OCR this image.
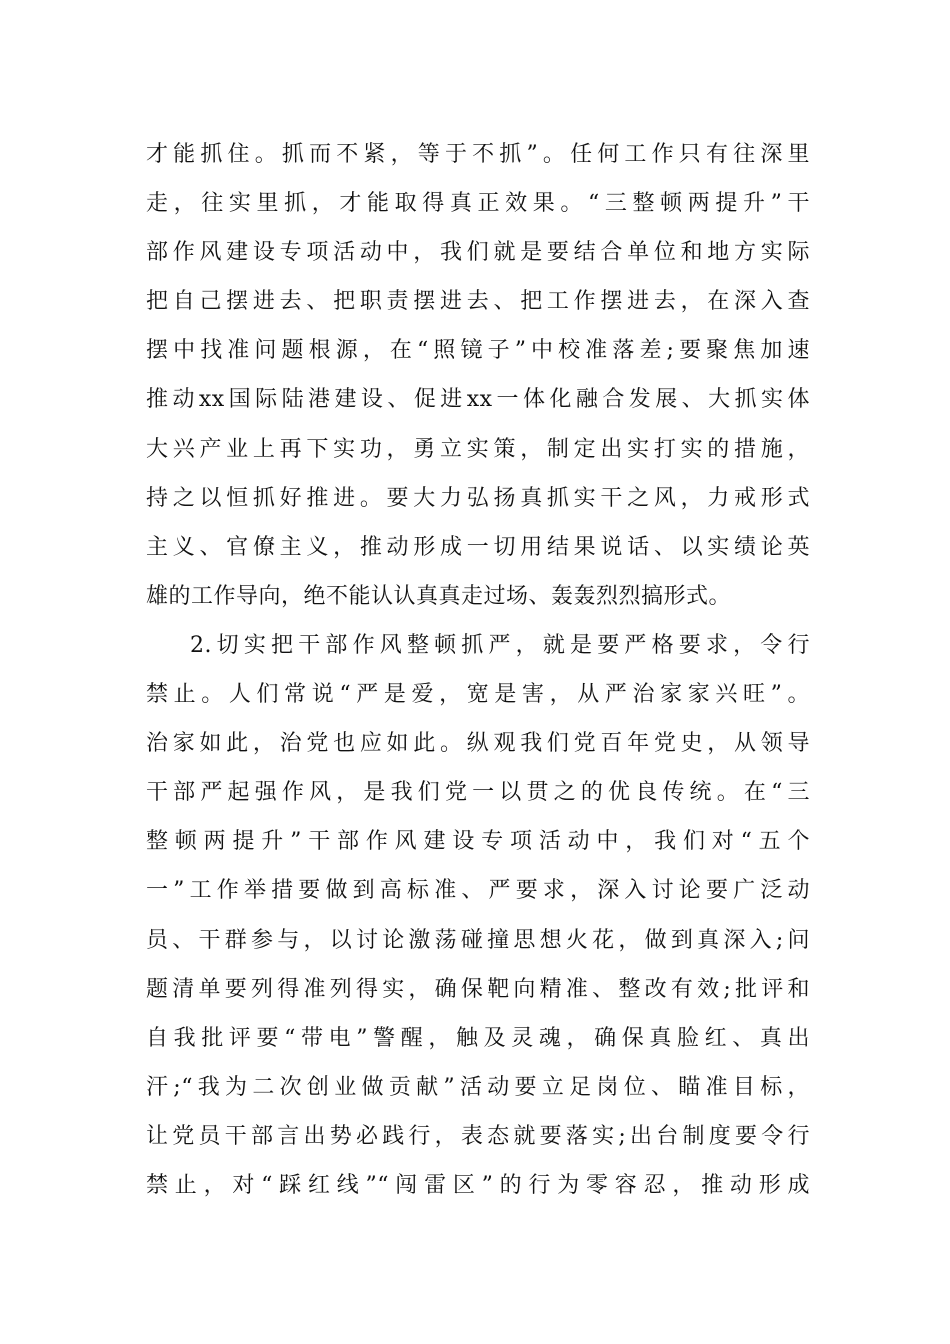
才能抓住。抓而不紧，等于不抓”。任何工作只有往深里
走，往实里抓，才能取得真正效果。“三整顿两提升”干
部作风建设专项活动中，我们就是要结合单位和地方实际
把自己摆进去、把职责摆进去、把工作摆进去，在深入查
摆中找准问题根源，在“照镜子”中校准落差;要聚焦加速
推动xx国际陆港建设、促进xx一体化融合发展、大抓实体
大兴产业上再下实功，勇立实策，制定出实打实的措施，
持之以恒抓好推进。要大力弘扬真抓实干之风，力戒形式
主义、官僚主义，推动形成一切用结果说话、以实绩论英
雄的工作导向，绝不能认认真真走过场、轰轰烈烈搞形式。
2.切实把干部作风整顿抓严，就是要严格要求，令行
禁止。人们常说“严是爱，宽是害，从严治家家兴旺”。
治家如此，治党也应如此。纵观我们党百年党史，从领导
干部严起强作风，是我们党一以贯之的优良传统。在“三
整顿两提升”干部作风建设专项活动中，我们对“五个
一”工作举措要做到高标准、严要求，深入讨论要广泛动
员、干群参与，以讨论激荡碰撞思想火花，做到真深入;问
题清单要列得准列得实，确保靶向精准、整改有效;批评和
自我批评要“带电”警醒，触及灵魂，确保真脸红、真出
汗;“我为二次创业做贡献”活动要立足岗位、瞄准目标，
让党员干部言出势必践行，表态就要落实;出台制度要令行
禁止，对“踩红线”“闯雷区”的行为零容忍，推动形成
